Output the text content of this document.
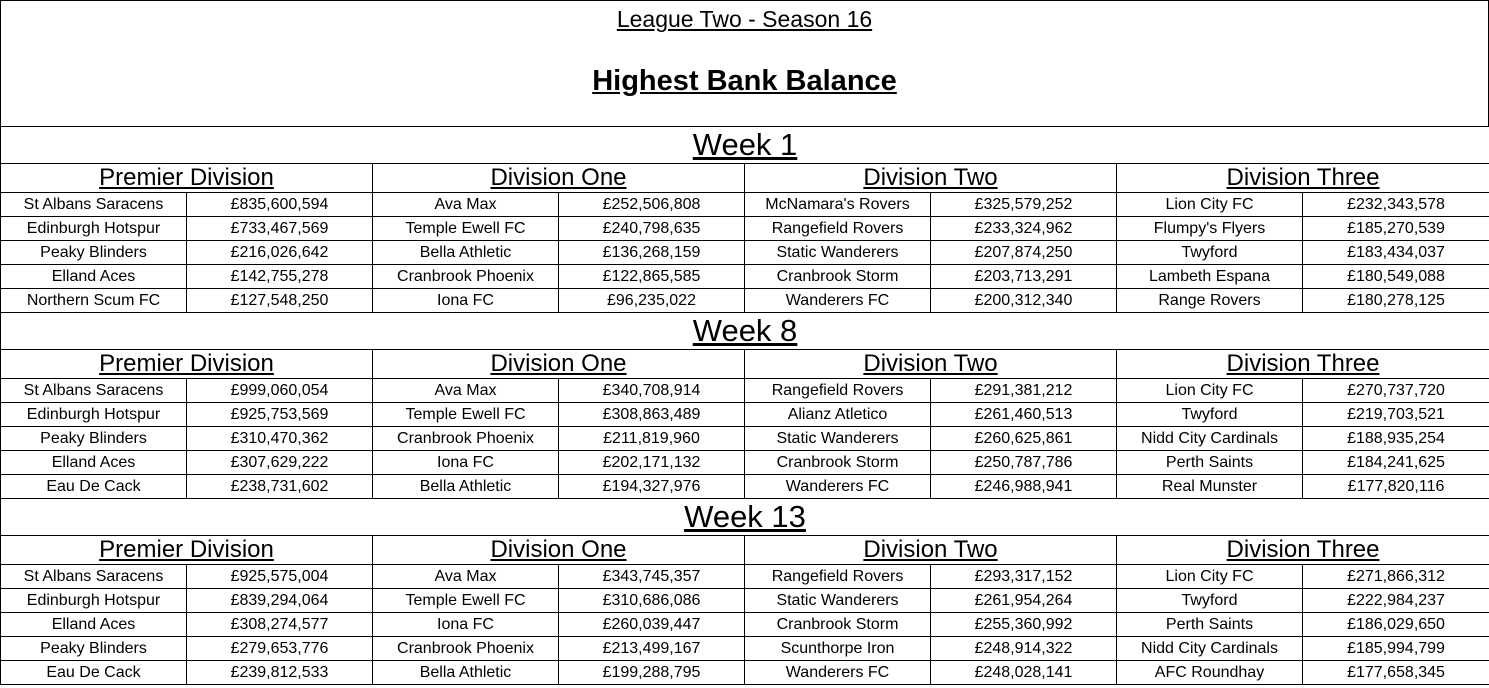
League Two - Season 16
Highest Bank Balance
Week 1							
Premier Division		Division One		Division Two		Division Three	
St Albans Saracens	£835,600,594	Ava Max	£252,506,808	McNamara's Rovers	£325,579,252	Lion City FC	£232,343,578
Edinburgh Hotspur	£733,467,569	Temple Ewell FC	£240,798,635	Rangefield Rovers	£233,324,962	Flumpy's Flyers	£185,270,539
Peaky Blinders	£216,026,642	Bella Athletic	£136,268,159	Static Wanderers	£207,874,250	Twyford	£183,434,037
Elland Aces	£142,755,278	Cranbrook Phoenix	£122,865,585	Cranbrook Storm	£203,713,291	Lambeth Espana	£180,549,088
Northern Scum FC	£127,548,250	Iona FC	£96,235,022	Wanderers FC	£200,312,340	Range Rovers	£180,278,125
Week 8							
Premier Division		Division One		Division Two		Division Three	
St Albans Saracens	£999,060,054	Ava Max	£340,708,914	Rangefield Rovers	£291,381,212	Lion City FC	£270,737,720
Edinburgh Hotspur	£925,753,569	Temple Ewell FC	£308,863,489	Alianz Atletico	£261,460,513	Twyford	£219,703,521
Peaky Blinders	£310,470,362	Cranbrook Phoenix	£211,819,960	Static Wanderers	£260,625,861	Nidd City Cardinals	£188,935,254
Elland Aces	£307,629,222	Iona FC	£202,171,132	Cranbrook Storm	£250,787,786	Perth Saints	£184,241,625
Eau De Cack	£238,731,602	Bella Athletic	£194,327,976	Wanderers FC	£246,988,941	Real Munster	£177,820,116
Week 13							
Premier Division		Division One		Division Two		Division Three	
St Albans Saracens	£925,575,004	Ava Max	£343,745,357	Rangefield Rovers	£293,317,152	Lion City FC	£271,866,312
Edinburgh Hotspur	£839,294,064	Temple Ewell FC	£310,686,086	Static Wanderers	£261,954,264	Twyford	£222,984,237
Elland Aces	£308,274,577	Iona FC	£260,039,447	Cranbrook Storm	£255,360,992	Perth Saints	£186,029,650
Peaky Blinders	£279,653,776	Cranbrook Phoenix	£213,499,167	Scunthorpe Iron	£248,914,322	Nidd City Cardinals	£185,994,799
Eau De Cack	£239,812,533	Bella Athletic	£199,288,795	Wanderers FC	£248,028,141	AFC Roundhay	£177,658,345
